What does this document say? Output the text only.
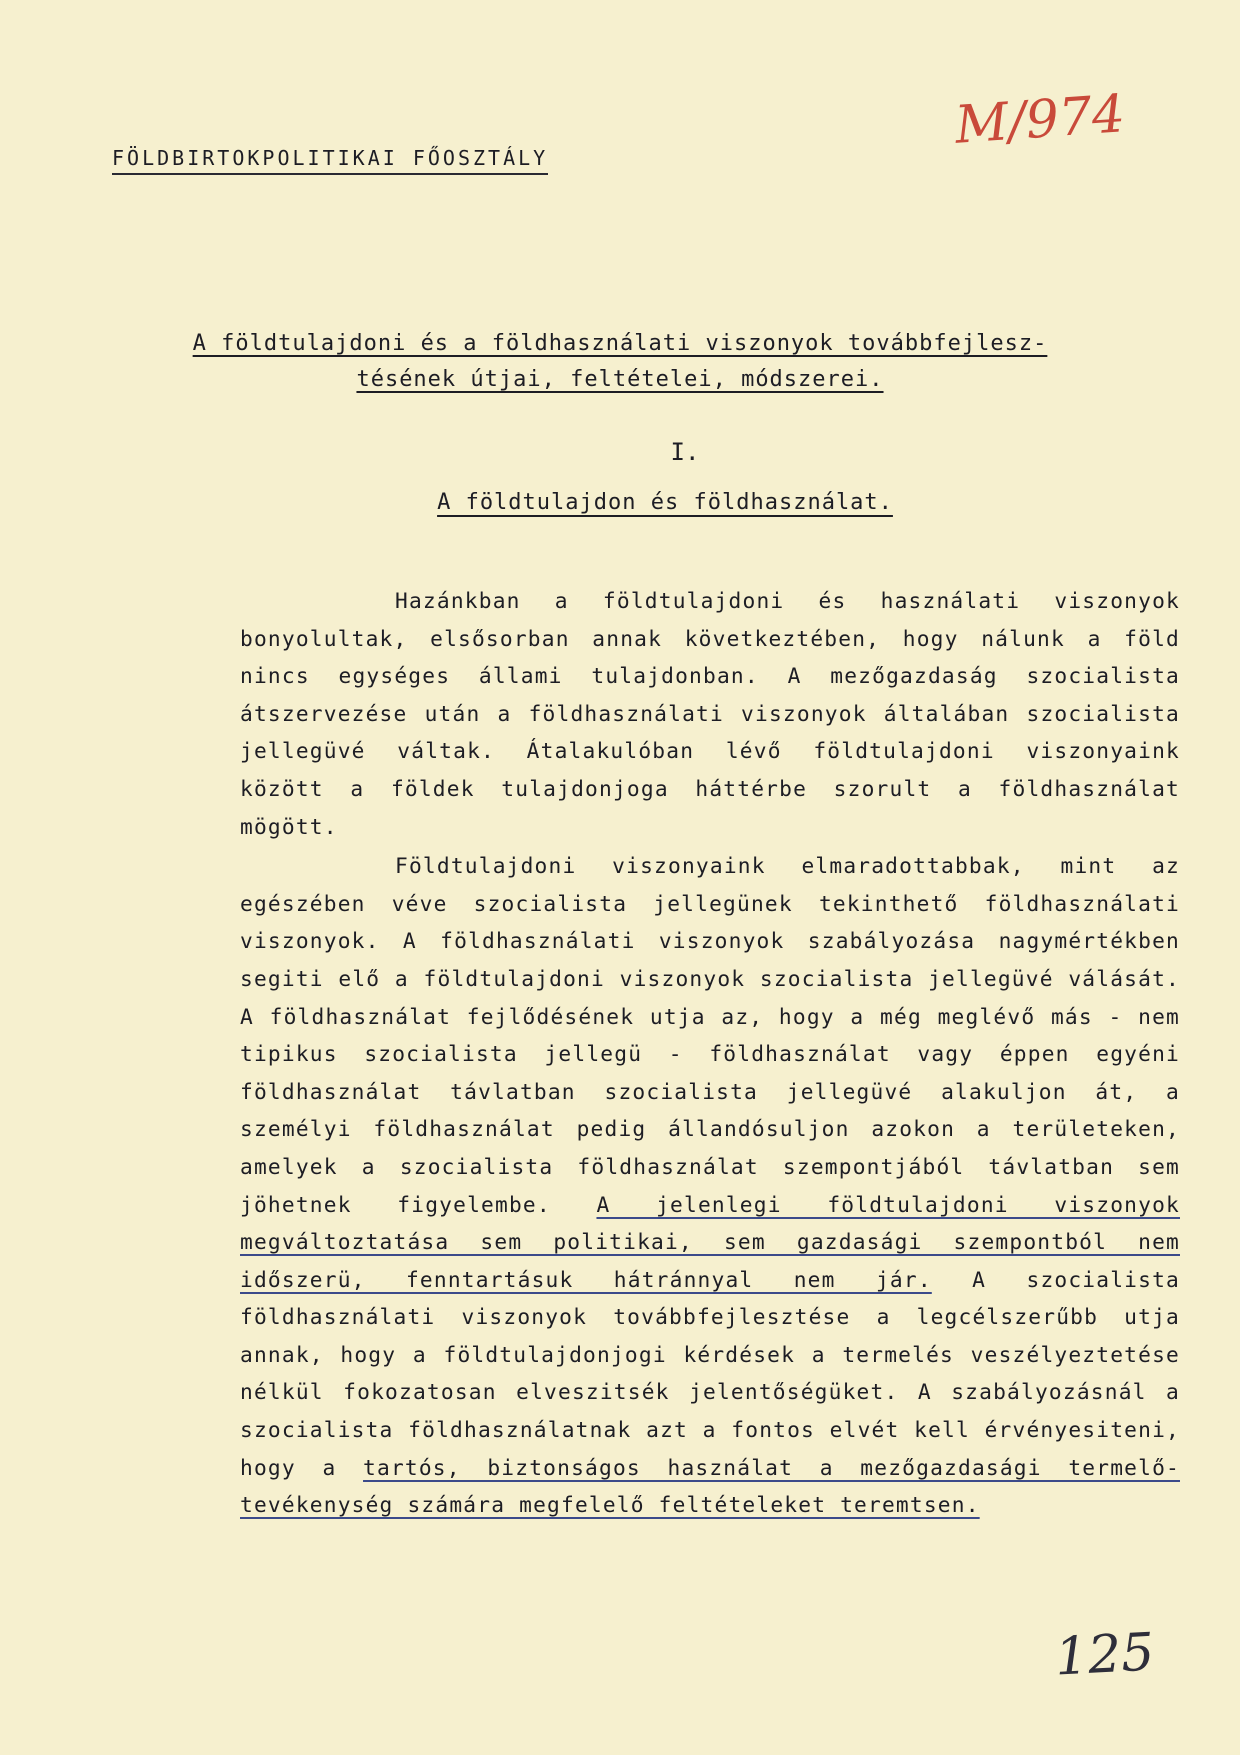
FÖLDBIRTOKPOLITIKAI FŐOSZTÁLY
M/974
A földtulajdoni és a földhasználati viszonyok továbbfejlesz-
tésének útjai, feltételei, módszerei.
I.
A földtulajdon és földhasználat.

Hazánkban a földtulajdoni és használati viszonyok bonyolultak, elsősorban annak következtében, hogy nálunk a föld nincs egységes állami tulajdonban. A mezőgazdaság szocialista átszervezése után a földhasználati viszonyok általában szocialista jellegüvé váltak. Átalakulóban lévő földtulajdoni viszonyaink között a földek tulajdonjoga háttérbe szorult a földhasználat mögött.

Földtulajdoni viszonyaink elmaradottabbak, mint az egészében véve szocialista jellegünek tekinthető földhasználati viszonyok. A földhasználati viszonyok szabályozása nagymértékben segiti elő a földtulajdoni viszonyok szocialista jellegüvé válását. A földhasználat fejlődésének utja az, hogy a még meglévő más - nem tipikus szocialista jellegü - földhasználat vagy éppen egyéni földhasználat távlatban szocialista jellegüvé alakuljon át, a személyi földhasználat pedig állandósuljon azokon a területeken, amelyek a szocialista földhasználat szempontjából távlatban sem jöhetnek figyelembe. A jelenlegi földtulajdoni viszonyok megváltoztatása sem politikai, sem gazdasági szempontból nem időszerü, fenntartásuk hátránnyal nem jár. A szocialista földhasználati viszonyok továbbfejlesztése a legcélszerűbb utja annak, hogy a földtulajdonjogi kérdések a termelés veszélyeztetése nélkül fokozatosan elveszitsék jelentőségüket. A szabályozásnál a szocialista földhasználatnak azt a fontos elvét kell érvényesiteni, hogy a tartós, biztonságos használat a mezőgazdasági termelő-tevékenység számára megfelelő feltételeket teremtsen.

125
